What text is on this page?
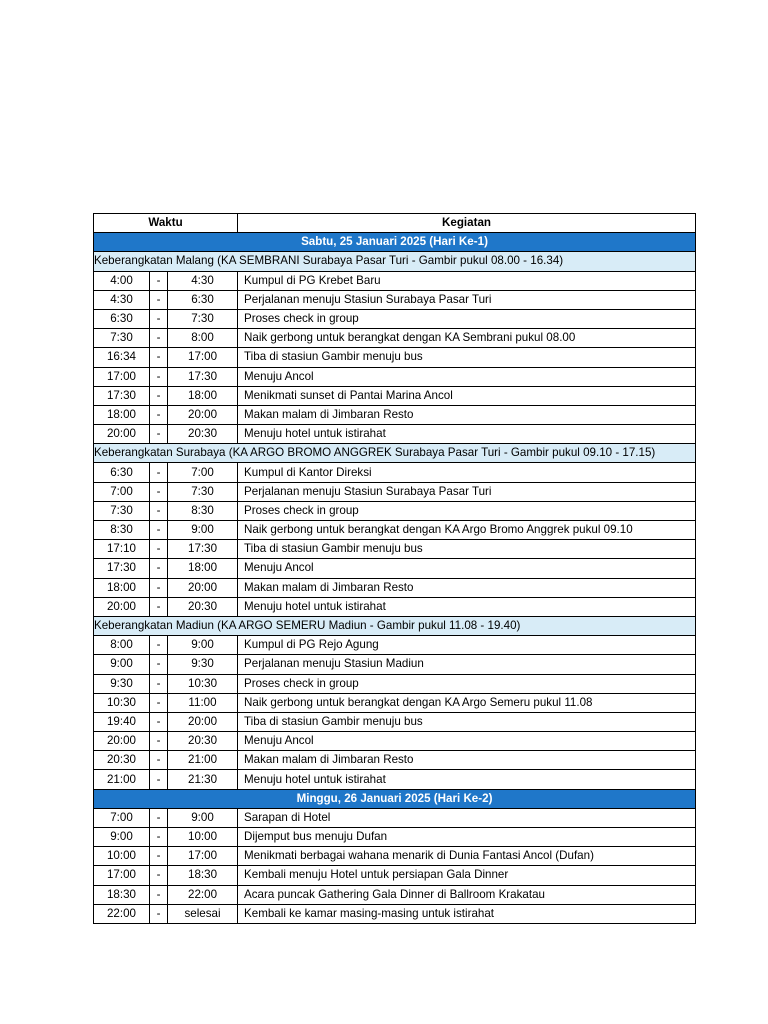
Waktu			Kegiatan
Sabtu, 25 Januari 2025 (Hari Ke-1)			
Keberangkatan Malang (KA SEMBRANI Surabaya Pasar Turi - Gambir pukul 08.00 - 16.34)			
4:00	-	4:30	Kumpul di PG Krebet Baru
4:30	-	6:30	Perjalanan menuju Stasiun Surabaya Pasar Turi
6:30	-	7:30	Proses check in group
7:30	-	8:00	Naik gerbong untuk berangkat dengan KA Sembrani pukul 08.00
16:34	-	17:00	Tiba di stasiun Gambir menuju bus
17:00	-	17:30	Menuju Ancol
17:30	-	18:00	Menikmati sunset di Pantai Marina Ancol
18:00	-	20:00	Makan malam di Jimbaran Resto
20:00	-	20:30	Menuju hotel untuk istirahat
Keberangkatan Surabaya (KA ARGO BROMO ANGGREK Surabaya Pasar Turi - Gambir pukul 09.10 - 17.15)			
6:30	-	7:00	Kumpul di Kantor Direksi
7:00	-	7:30	Perjalanan menuju Stasiun Surabaya Pasar Turi
7:30	-	8:30	Proses check in group
8:30	-	9:00	Naik gerbong untuk berangkat dengan KA Argo Bromo Anggrek pukul 09.10
17:10	-	17:30	Tiba di stasiun Gambir menuju bus
17:30	-	18:00	Menuju Ancol
18:00	-	20:00	Makan malam di Jimbaran Resto
20:00	-	20:30	Menuju hotel untuk istirahat
Keberangkatan Madiun (KA ARGO SEMERU Madiun - Gambir pukul 11.08 - 19.40)			
8:00	-	9:00	Kumpul di PG Rejo Agung
9:00	-	9:30	Perjalanan menuju Stasiun Madiun
9:30	-	10:30	Proses check in group
10:30	-	11:00	Naik gerbong untuk berangkat dengan KA Argo Semeru pukul 11.08
19:40	-	20:00	Tiba di stasiun Gambir menuju bus
20:00	-	20:30	Menuju Ancol
20:30	-	21:00	Makan malam di Jimbaran Resto
21:00	-	21:30	Menuju hotel untuk istirahat
Minggu, 26 Januari 2025 (Hari Ke-2)			
7:00	-	9:00	Sarapan di Hotel
9:00	-	10:00	Dijemput bus menuju Dufan
10:00	-	17:00	Menikmati berbagai wahana menarik di Dunia Fantasi Ancol (Dufan)
17:00	-	18:30	Kembali menuju Hotel untuk persiapan Gala Dinner
18:30	-	22:00	Acara puncak Gathering Gala Dinner di Ballroom Krakatau
22:00	-	selesai	Kembali ke kamar masing-masing untuk istirahat
